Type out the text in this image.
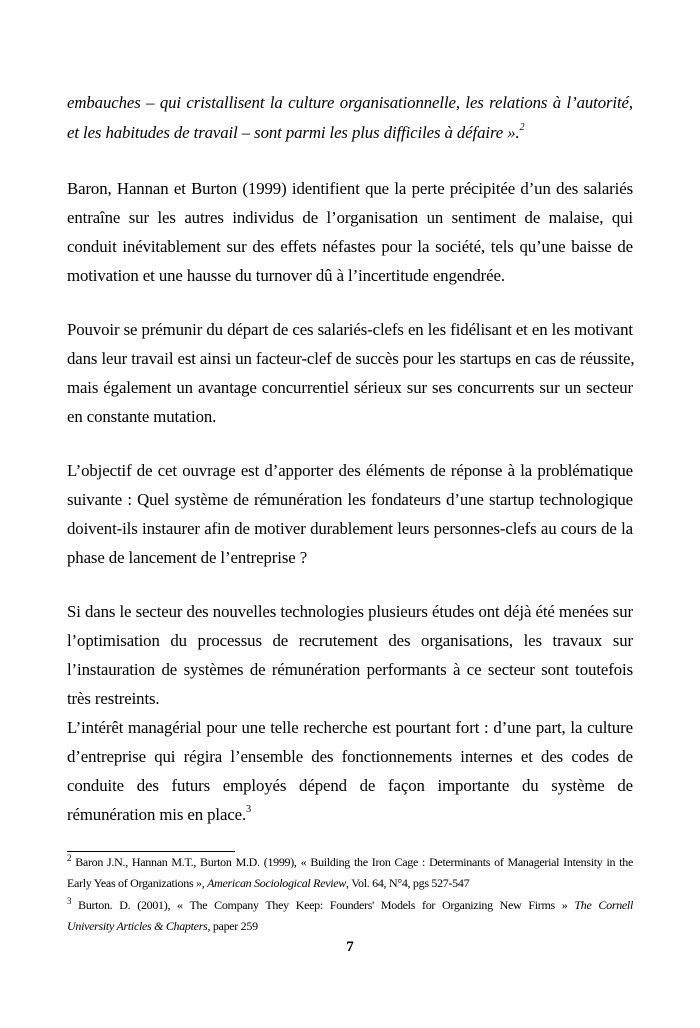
embauches – qui cristallisent la culture organisationnelle, les relations à l’autorité,
et les habitudes de travail – sont parmi les plus difficiles à défaire ».$^2$
Baron, Hannan et Burton (1999) identifient que la perte précipitée d’un des salariés
entraîne sur les autres individus de l’organisation un sentiment de malaise, qui
conduit inévitablement sur des effets néfastes pour la société, tels qu’une baisse de
motivation et une hausse du turnover dû à l’incertitude engendrée.
Pouvoir se prémunir du départ de ces salariés-clefs en les fidélisant et en les motivant
dans leur travail est ainsi un facteur-clef de succès pour les startups en cas de réussite,
mais également un avantage concurrentiel sérieux sur ses concurrents sur un secteur
en constante mutation.
L’objectif de cet ouvrage est d’apporter des éléments de réponse à la problématique
suivante : Quel système de rémunération les fondateurs d’une startup technologique
doivent-ils instaurer afin de motiver durablement leurs personnes-clefs au cours de la
phase de lancement de l’entreprise ?
Si dans le secteur des nouvelles technologies plusieurs études ont déjà été menées sur
l’optimisation du processus de recrutement des organisations, les travaux sur
l’instauration de systèmes de rémunération performants à ce secteur sont toutefois
très restreints.
L’intérêt managérial pour une telle recherche est pourtant fort : d’une part, la culture
d’entreprise qui régira l’ensemble des fonctionnements internes et des codes de
conduite des futurs employés dépend de façon importante du système de
rémunération mis en place.$^3$
$^2$ Baron J.N., Hannan M.T., Burton M.D. (1999), « Building the Iron Cage : Determinants of Managerial Intensity in the
Early Yeas of Organizations », American Sociological Review, Vol. 64, N°4, pgs 527-547
$^3$ Burton. D. (2001), « The Company They Keep: Founders' Models for Organizing New Firms » The Cornell
University Articles & Chapters, paper 259
7
